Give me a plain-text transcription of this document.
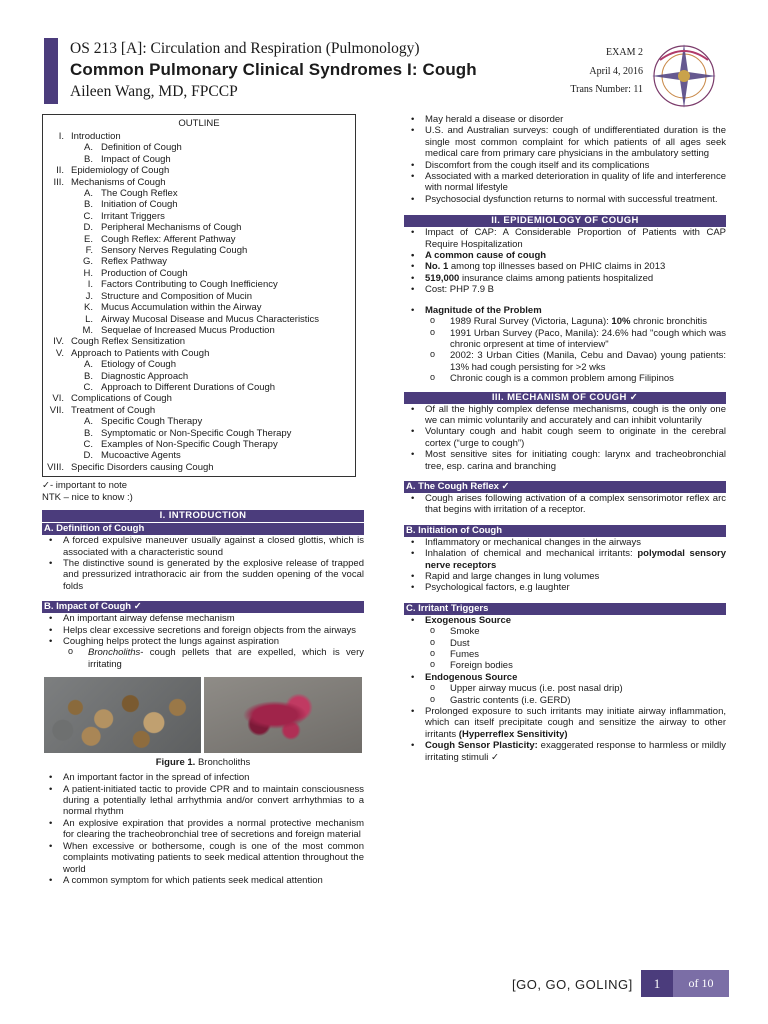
OS 213 [A]: Circulation and Respiration (Pulmonology)
Common Pulmonary Clinical Syndromes I: Cough
Aileen Wang, MD, FPCCP
EXAM 2
April 4, 2016
Trans Number: 11
OUTLINE
I. Introduction
A. Definition of Cough
B. Impact of Cough
II. Epidemiology of Cough
III. Mechanisms of Cough
A. The Cough Reflex
B. Initiation of Cough
C. Irritant Triggers
D. Peripheral Mechanisms of Cough
E. Cough Reflex: Afferent Pathway
F. Sensory Nerves Regulating Cough
G. Reflex Pathway
H. Production of Cough
I. Factors Contributing to Cough Inefficiency
J. Structure and Composition of Mucin
K. Mucus Accumulation within the Airway
L. Airway Mucosal Disease and Mucus Characteristics
M. Sequelae of Increased Mucus Production
IV. Cough Reflex Sensitization
V. Approach to Patients with Cough
A. Etiology of Cough
B. Diagnostic Approach
C. Approach to Different Durations of Cough
VI. Complications of Cough
VII. Treatment of Cough
A. Specific Cough Therapy
B. Symptomatic or Non-Specific Cough Therapy
C. Examples of Non-Specific Cough Therapy
D. Mucoactive Agents
VIII. Specific Disorders causing Cough
✓- important to note
NTK – nice to know :)
I. INTRODUCTION
A. Definition of Cough
• A forced expulsive maneuver usually against a closed glottis, which is associated with a characteristic sound
• The distinctive sound is generated by the explosive release of trapped and pressurized intrathoracic air from the sudden opening of the vocal folds
B. Impact of Cough ✓
• An important airway defense mechanism
• Helps clear excessive secretions and foreign objects from the airways
• Coughing helps protect the lungs against aspiration
o Broncholiths- cough pellets that are expelled, which is very irritating
Figure 1. Broncholiths
• An important factor in the spread of infection
• A patient-initiated tactic to provide CPR and to maintain consciousness during a potentially lethal arrhythmia and/or convert arrhythmias to a normal rhythm
• An explosive expiration that provides a normal protective mechanism for clearing the tracheobronchial tree of secretions and foreign material
• When excessive or bothersome, cough is one of the most common complaints motivating patients to seek medical attention throughout the world
• A common symptom for which patients seek medical attention
• May herald a disease or disorder
• U.S. and Australian surveys: cough of undifferentiated duration is the single most common complaint for which patients of all ages seek medical care from primary care physicians in the ambulatory setting
• Discomfort from the cough itself and its complications
• Associated with a marked deterioration in quality of life and interference with normal lifestyle
• Psychosocial dysfunction returns to normal with successful treatment.
II. EPIDEMIOLOGY OF COUGH
• Impact of CAP: A Considerable Proportion of Patients with CAP Require Hospitalization
• A common cause of cough
• No. 1 among top illnesses based on PHIC claims in 2013
• 519,000 insurance claims among patients hospitalized
• Cost: PHP 7.9 B
• Magnitude of the Problem
o 1989 Rural Survey (Victoria, Laguna): 10% chronic bronchitis
o 1991 Urban Survey (Paco, Manila): 24.6% had "cough which was chronic orpresent at time of interview"
o 2002: 3 Urban Cities (Manila, Cebu and Davao) young patients: 13% had cough persisting for >2 wks
o Chronic cough is a common problem among Filipinos
III. MECHANISM OF COUGH ✓
• Of all the highly complex defense mechanisms, cough is the only one we can mimic voluntarily and accurately and can inhibit voluntarily
• Voluntary cough and habit cough seem to originate in the cerebral cortex (“urge to cough”)
• Most sensitive sites for initiating cough: larynx and tracheobronchial tree, esp. carina and branching
A. The Cough Reflex ✓
• Cough arises following activation of a complex sensorimotor reflex arc that begins with irritation of a receptor.
B. Initiation of Cough
• Inflammatory or mechanical changes in the airways
• Inhalation of chemical and mechanical irritants: polymodal sensory nerve receptors
• Rapid and large changes in lung volumes
• Psychological factors, e.g laughter
C. Irritant Triggers
• Exogenous Source
o Smoke
o Dust
o Fumes
o Foreign bodies
• Endogenous Source
o Upper airway mucus (i.e. post nasal drip)
o Gastric contents (i.e. GERD)
• Prolonged exposure to such irritants may initiate airway inflammation, which can itself precipitate cough and sensitize the airway to other irritants (Hyperreflex Sensitivity)
• Cough Sensor Plasticity: exaggerated response to harmless or mildly irritating stimuli ✓
[GO, GO, GOLING]	1	of 10
